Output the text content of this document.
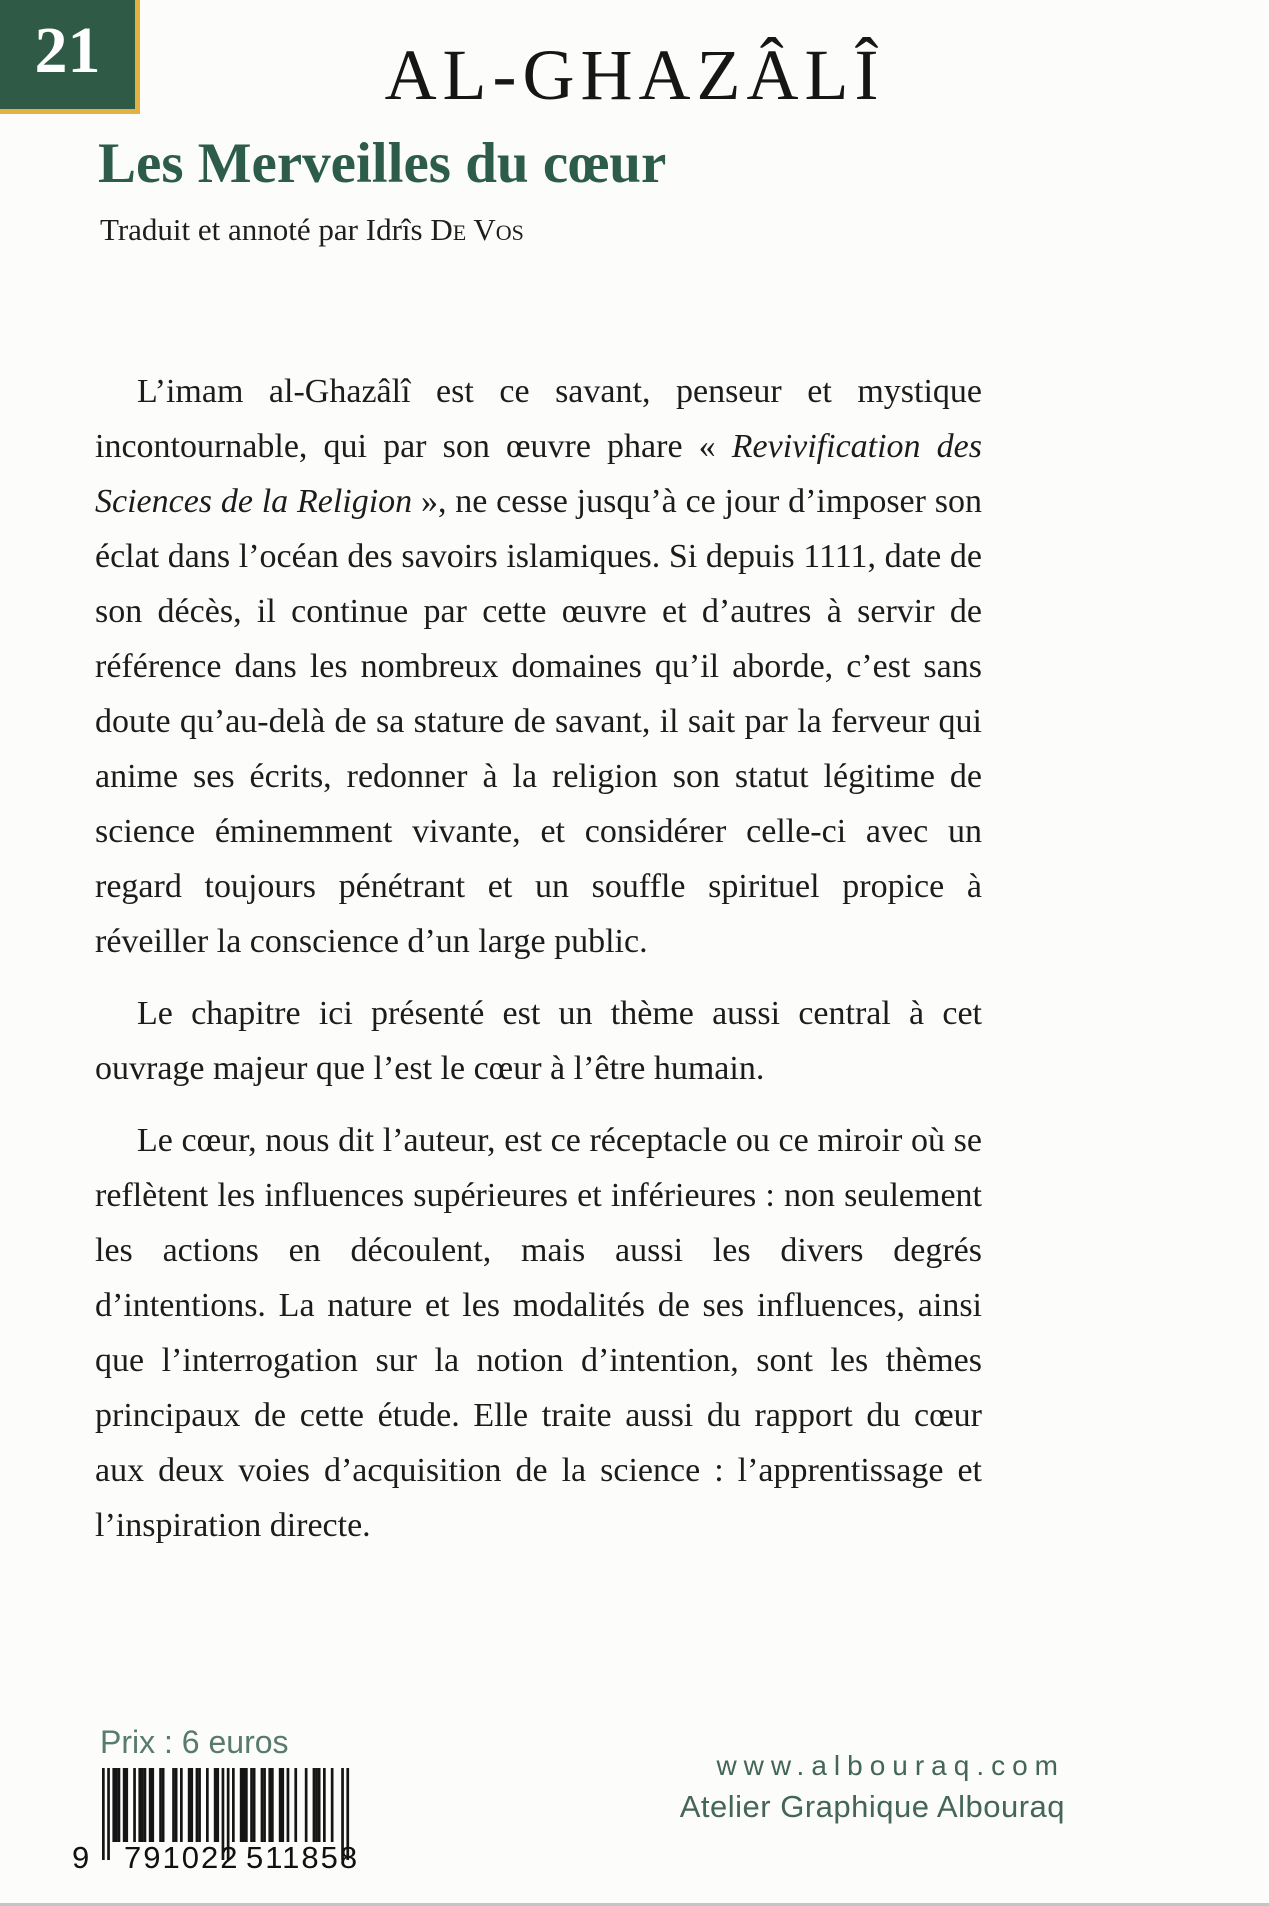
21	AL-GHAZÂLÎ
Les Merveilles du cœur
Traduit et annoté par Idrîs De Vos

L’imam al-Ghazâlî est ce savant, penseur et mystique incontournable, qui par son œuvre phare « Revivification des Sciences de la Religion », ne cesse jusqu’à ce jour d’imposer son éclat dans l’océan des savoirs islamiques. Si depuis 1111, date de son décès, il continue par cette œuvre et d’autres à servir de référence dans les nombreux domaines qu’il aborde, c’est sans doute qu’au-delà de sa stature de savant, il sait par la ferveur qui anime ses écrits, redonner à la religion son statut légitime de science éminemment vivante, et considérer celle-ci avec un regard toujours pénétrant et un souffle spirituel propice à réveiller la conscience d’un large public.

Le chapitre ici présenté est un thème aussi central à cet ouvrage majeur que l’est le cœur à l’être humain.

Le cœur, nous dit l’auteur, est ce réceptacle ou ce miroir où se reflètent les influences supérieures et inférieures : non seulement les actions en découlent, mais aussi les divers degrés d’intentions. La nature et les modalités de ses influences, ainsi que l’interrogation sur la notion d’intention, sont les thèmes principaux de cette étude. Elle traite aussi du rapport du cœur aux deux voies d’acquisition de la science : l’apprentissage et l’inspiration directe.

Prix : 6 euros
9 791022 511858
www.albouraq.com
Atelier Graphique Albouraq
